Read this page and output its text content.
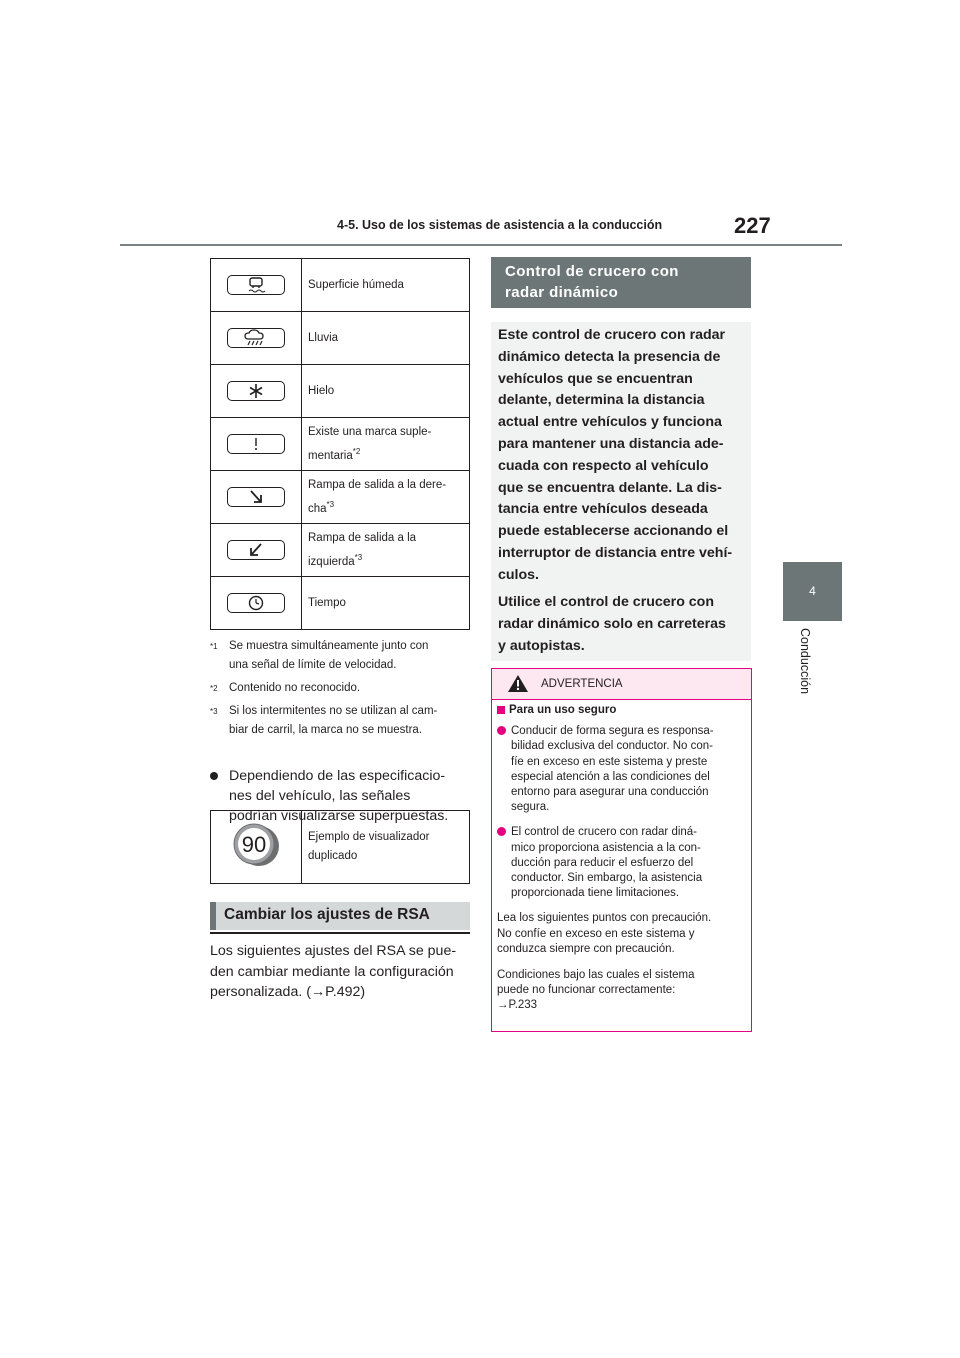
4-5. Uso de los sistemas de asistencia a la conducción	227
4
Conducción
	Superficie húmeda

	Lluvia

	Hielo

	Existe una marca suple-
mentaria$^{*2}$

	Rampa de salida a la dere-
cha$^{*3}$

	Rampa de salida a la
izquierda$^{*3}$

	Tiempo
*1 Se muestra simultáneamente junto con
una señal de límite de velocidad.
*2 Contenido no reconocido.
*3 Si los intermitentes no se utilizan al cam-
biar de carril, la marca no se muestra.
Dependiendo de las especificacio-
nes del vehículo, las señales
podrían visualizarse superpuestas.
90	Ejemplo de visualizador
duplicado
Cambiar los ajustes de RSA
Los siguientes ajustes del RSA se pue-
den cambiar mediante la configuración
personalizada. (→P.492)
Control de crucero con
radar dinámico

Este control de crucero con radar
dinámico detecta la presencia de
vehículos que se encuentran
delante, determina la distancia
actual entre vehículos y funciona
para mantener una distancia ade-
cuada con respecto al vehículo
que se encuentra delante. La dis-
tancia entre vehículos deseada
puede establecerse accionando el
interruptor de distancia entre vehí-
culos.

Utilice el control de crucero con
radar dinámico solo en carreteras
y autopistas.

ADVERTENCIA
Para un uso seguro
Conducir de forma segura es responsa-
bilidad exclusiva del conductor. No con-
fíe en exceso en este sistema y preste
especial atención a las condiciones del
entorno para asegurar una conducción
segura.
El control de crucero con radar diná-
mico proporciona asistencia a la con-
ducción para reducir el esfuerzo del
conductor. Sin embargo, la asistencia
proporcionada tiene limitaciones.
Lea los siguientes puntos con precaución.
No confíe en exceso en este sistema y
conduzca siempre con precaución.
Condiciones bajo las cuales el sistema
puede no funcionar correctamente:
→P.233
